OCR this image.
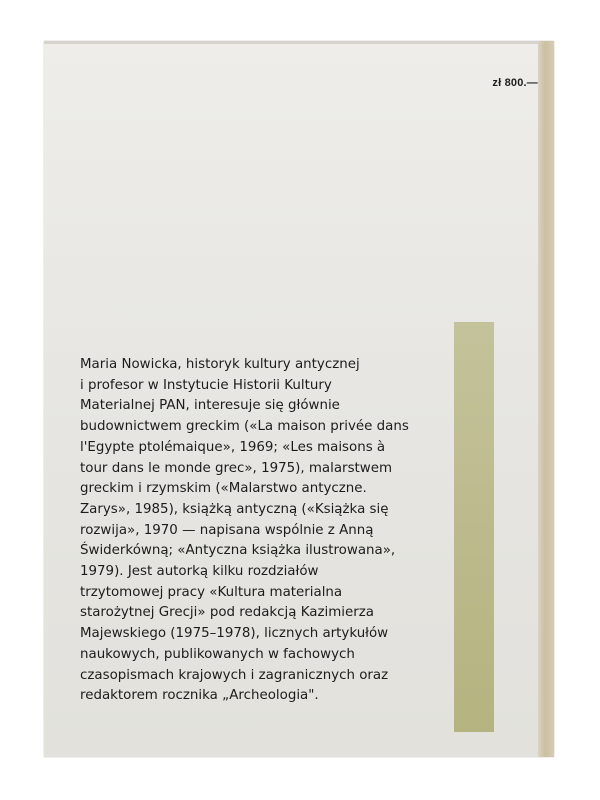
zł 800.—

Maria Nowicka, historyk kultury antycznej
i profesor w Instytucie Historii Kultury
Materialnej PAN, interesuje się głównie
budownictwem greckim («La maison privée dans
l'Egypte ptolémaique», 1969; «Les maisons à
tour dans le monde grec», 1975), malarstwem
greckim i rzymskim («Malarstwo antyczne.
Zarys», 1985), książką antyczną («Książka się
rozwija», 1970 — napisana wspólnie z Anną
Świderkówną; «Antyczna książka ilustrowana»,
1979). Jest autorką kilku rozdziałów
trzytomowej pracy «Kultura materialna
starożytnej Grecji» pod redakcją Kazimierza
Majewskiego (1975–1978), licznych artykułów
naukowych, publikowanych w fachowych
czasopismach krajowych i zagranicznych oraz
redaktorem rocznika „Archeologia".
